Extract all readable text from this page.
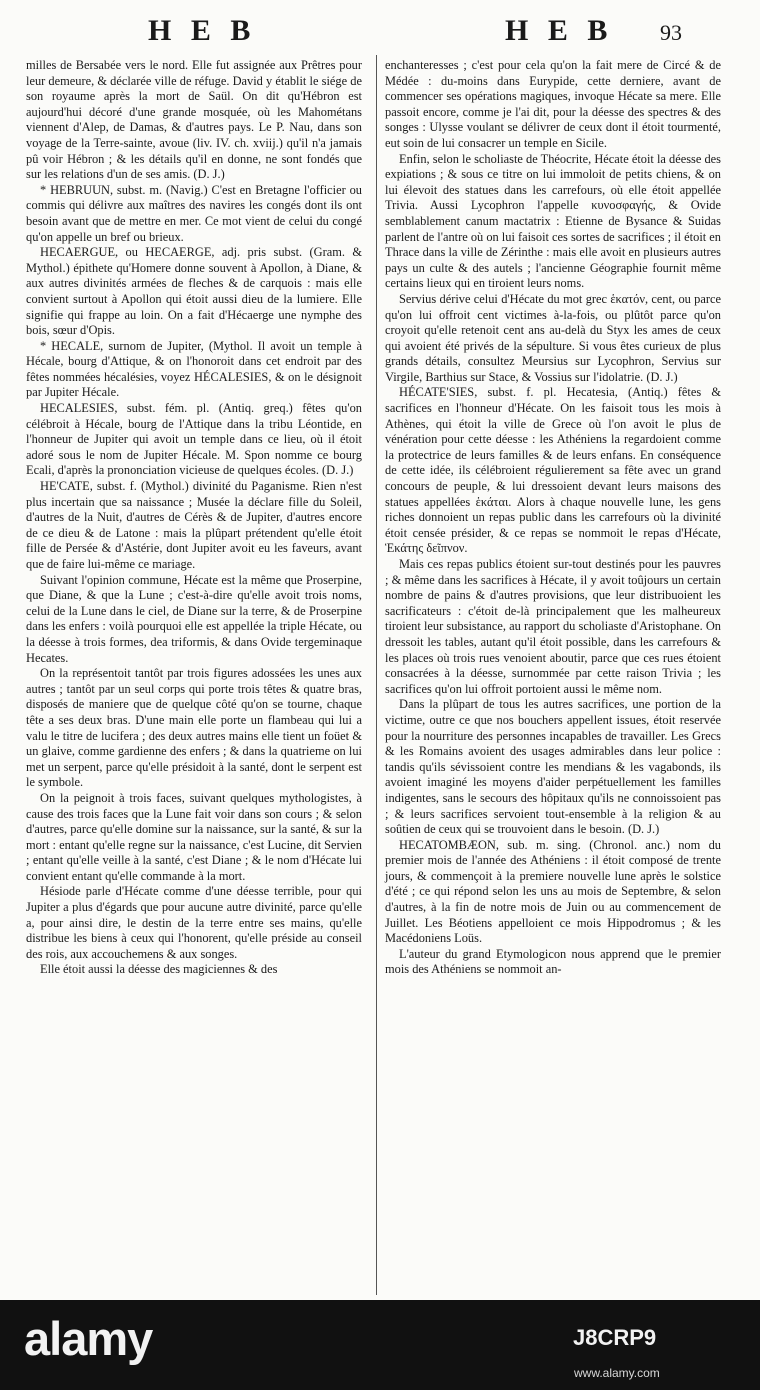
H E B	H E B 93

milles de Bersabée vers le nord. Elle fut assignée aux Prêtres pour leur demeure, & déclarée ville de réfuge. David y établit le siége de son royaume après la mort de Saül. On dit qu'Hébron est aujourd'hui décoré d'une grande mosquée, où les Mahométans viennent d'Alep, de Damas, & d'autres pays. Le P. Nau, dans son voyage de la Terre-sainte, avoue (liv. IV. ch. xviij.) qu'il n'a jamais pû voir Hébron ; & les détails qu'il en donne, ne sont fondés que sur les relations d'un de ses amis. (D. J.)

* HEBRUUN, subst. m. (Navig.) C'est en Bretagne l'officier ou commis qui délivre aux maîtres des navires les congés dont ils ont besoin avant que de mettre en mer. Ce mot vient de celui du congé qu'on appelle un bref ou brieux.

HECAERGUE, ou HECAERGE, adj. pris subst. (Gram. & Mythol.) épithete qu'Homere donne souvent à Apollon, à Diane, & aux autres divinités armées de fleches & de carquois : mais elle convient surtout à Apollon qui étoit aussi dieu de la lumiere. Elle signifie qui frappe au loin. On a fait d'Hécaerge une nymphe des bois, sœur d'Opis.

* HECALE, surnom de Jupiter, (Mythol. Il avoit un temple à Hécale, bourg d'Attique, & on l'honoroit dans cet endroit par des fêtes nommées hécalésies, voyez HÉCALESIES, & on le désignoit par Jupiter Hécale.

HECALESIES, subst. fém. pl. (Antiq. greq.) fêtes qu'on célébroit à Hécale, bourg de l'Attique dans la tribu Léontide, en l'honneur de Jupiter qui avoit un temple dans ce lieu, où il étoit adoré sous le nom de Jupiter Hécale. M. Spon nomme ce bourg Ecali, d'après la prononciation vicieuse de quelques écoles. (D. J.)

HE'CATE, subst. f. (Mythol.) divinité du Paganisme. Rien n'est plus incertain que sa naissance ; Musée la déclare fille du Soleil, d'autres de la Nuit, d'autres de Cérès & de Jupiter, d'autres encore de ce dieu & de Latone : mais la plûpart prétendent qu'elle étoit fille de Persée & d'Astérie, dont Jupiter avoit eu les faveurs, avant que de faire lui-même ce mariage.

Suivant l'opinion commune, Hécate est la même que Proserpine, que Diane, & que la Lune ; c'est-à-dire qu'elle avoit trois noms, celui de la Lune dans le ciel, de Diane sur la terre, & de Proserpine dans les enfers : voilà pourquoi elle est appellée la triple Hécate, ou la déesse à trois formes, dea triformis, & dans Ovide tergeminaque Hecates.

On la représentoit tantôt par trois figures adossées les unes aux autres ; tantôt par un seul corps qui porte trois têtes & quatre bras, disposés de maniere que de quelque côté qu'on se tourne, chaque tête a ses deux bras. D'une main elle porte un flambeau qui lui a valu le titre de lucifera ; des deux autres mains elle tient un foüet & un glaive, comme gardienne des enfers ; & dans la quatrieme on lui met un serpent, parce qu'elle présidoit à la santé, dont le serpent est le symbole.

On la peignoit à trois faces, suivant quelques mythologistes, à cause des trois faces que la Lune fait voir dans son cours ; & selon d'autres, parce qu'elle domine sur la naissance, sur la santé, & sur la mort : entant qu'elle regne sur la naissance, c'est Lucine, dit Servien ; entant qu'elle veille à la santé, c'est Diane ; & le nom d'Hécate lui convient entant qu'elle commande à la mort.

Hésiode parle d'Hécate comme d'une déesse terrible, pour qui Jupiter a plus d'égards que pour aucune autre divinité, parce qu'elle a, pour ainsi dire, le destin de la terre entre ses mains, qu'elle distribue les biens à ceux qui l'honorent, qu'elle préside au conseil des rois, aux accouchemens & aux songes.

Elle étoit aussi la déesse des magiciennes & des

enchanteresses ; c'est pour cela qu'on la fait mere de Circé & de Médée : du-moins dans Eurypide, cette derniere, avant de commencer ses opérations magiques, invoque Hécate sa mere. Elle passoit encore, comme je l'ai dit, pour la déesse des spectres & des songes : Ulysse voulant se délivrer de ceux dont il étoit tourmenté, eut soin de lui consacrer un temple en Sicile.

Enfin, selon le scholiaste de Théocrite, Hécate étoit la déesse des expiations ; & sous ce titre on lui immoloit de petits chiens, & on lui élevoit des statues dans les carrefours, où elle étoit appellée Trivia. Aussi Lycophron l'appelle κυνοσφαγής, & Ovide semblablement canum mactatrix : Etienne de Bysance & Suidas parlent de l'antre où on lui faisoit ces sortes de sacrifices ; il étoit en Thrace dans la ville de Zérinthe : mais elle avoit en plusieurs autres pays un culte & des autels ; l'ancienne Géographie fournit même certains lieux qui en tiroient leurs noms.

Servius dérive celui d'Hécate du mot grec ἑκατόν, cent, ou parce qu'on lui offroit cent victimes à-la-fois, ou plûtôt parce qu'on croyoit qu'elle retenoit cent ans au-delà du Styx les ames de ceux qui avoient été privés de la sépulture. Si vous êtes curieux de plus grands détails, consultez Meursius sur Lycophron, Servius sur Virgile, Barthius sur Stace, & Vossius sur l'idolatrie. (D. J.)

HÉCATE'SIES, subst. f. pl. Hecatesia, (Antiq.) fêtes & sacrifices en l'honneur d'Hécate. On les faisoit tous les mois à Athènes, qui étoit la ville de Grece où l'on avoit le plus de vénération pour cette déesse : les Athéniens la regardoient comme la protectrice de leurs familles & de leurs enfans. En conséquence de cette idée, ils célébroient régulierement sa fête avec un grand concours de peuple, & lui dressoient devant leurs maisons des statues appellées ἑκάται. Alors à chaque nouvelle lune, les gens riches donnoient un repas public dans les carrefours où la divinité étoit censée présider, & ce repas se nommoit le repas d'Hécate, Ἑκάτης δεῖπνον.

Mais ces repas publics étoient sur-tout destinés pour les pauvres ; & même dans les sacrifices à Hécate, il y avoit toûjours un certain nombre de pains & d'autres provisions, que leur distribuoient les sacrificateurs : c'étoit de-là principalement que les malheureux tiroient leur subsistance, au rapport du scholiaste d'Aristophane. On dressoit les tables, autant qu'il étoit possible, dans les carrefours & les places où trois rues venoient aboutir, parce que ces rues étoient consacrées à la déesse, surnommée par cette raison Trivia ; les sacrifices qu'on lui offroit portoient aussi le même nom.

Dans la plûpart de tous les autres sacrifices, une portion de la victime, outre ce que nos bouchers appellent issues, étoit reservée pour la nourriture des personnes incapables de travailler. Les Grecs & les Romains avoient des usages admirables dans leur police : tandis qu'ils sévissoient contre les mendians & les vagabonds, ils avoient imaginé les moyens d'aider perpétuellement les familles indigentes, sans le secours des hôpitaux qu'ils ne connoissoient pas ; & leurs sacrifices servoient tout-ensemble à la religion & au soûtien de ceux qui se trouvoient dans le besoin. (D. J.)

HECATOMBÆON, sub. m. sing. (Chronol. anc.) nom du premier mois de l'année des Athéniens : il étoit composé de trente jours, & commençoit à la premiere nouvelle lune après le solstice d'été ; ce qui répond selon les uns au mois de Septembre, & selon d'autres, à la fin de notre mois de Juin ou au commencement de Juillet. Les Béotiens appelloient ce mois Hippodromus ; & les Macédoniens Loüs.

L'auteur du grand Etymologicon nous apprend que le premier mois des Athéniens se nommoit an-

alamy	J8CRP9
www.alamy.com
